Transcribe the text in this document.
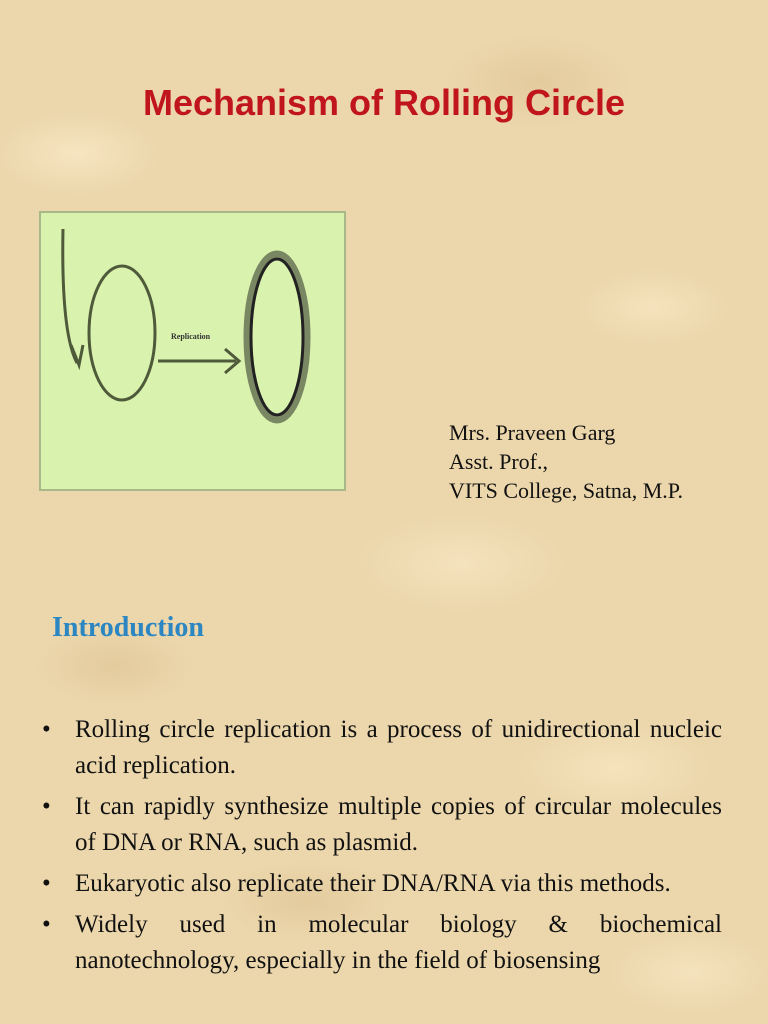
Mechanism of Rolling Circle
Replication
Mrs. Praveen Garg
Asst. Prof.,
VITS College, Satna, M.P.
Introduction
• Rolling circle replication is a process of unidirectional nucleic acid replication.
• It can rapidly synthesize multiple copies of circular molecules of DNA or RNA, such as plasmid.
• Eukaryotic also replicate their DNA/RNA via this methods.
• Widely used in molecular biology & biochemical nanotechnology, especially in the field of biosensing
